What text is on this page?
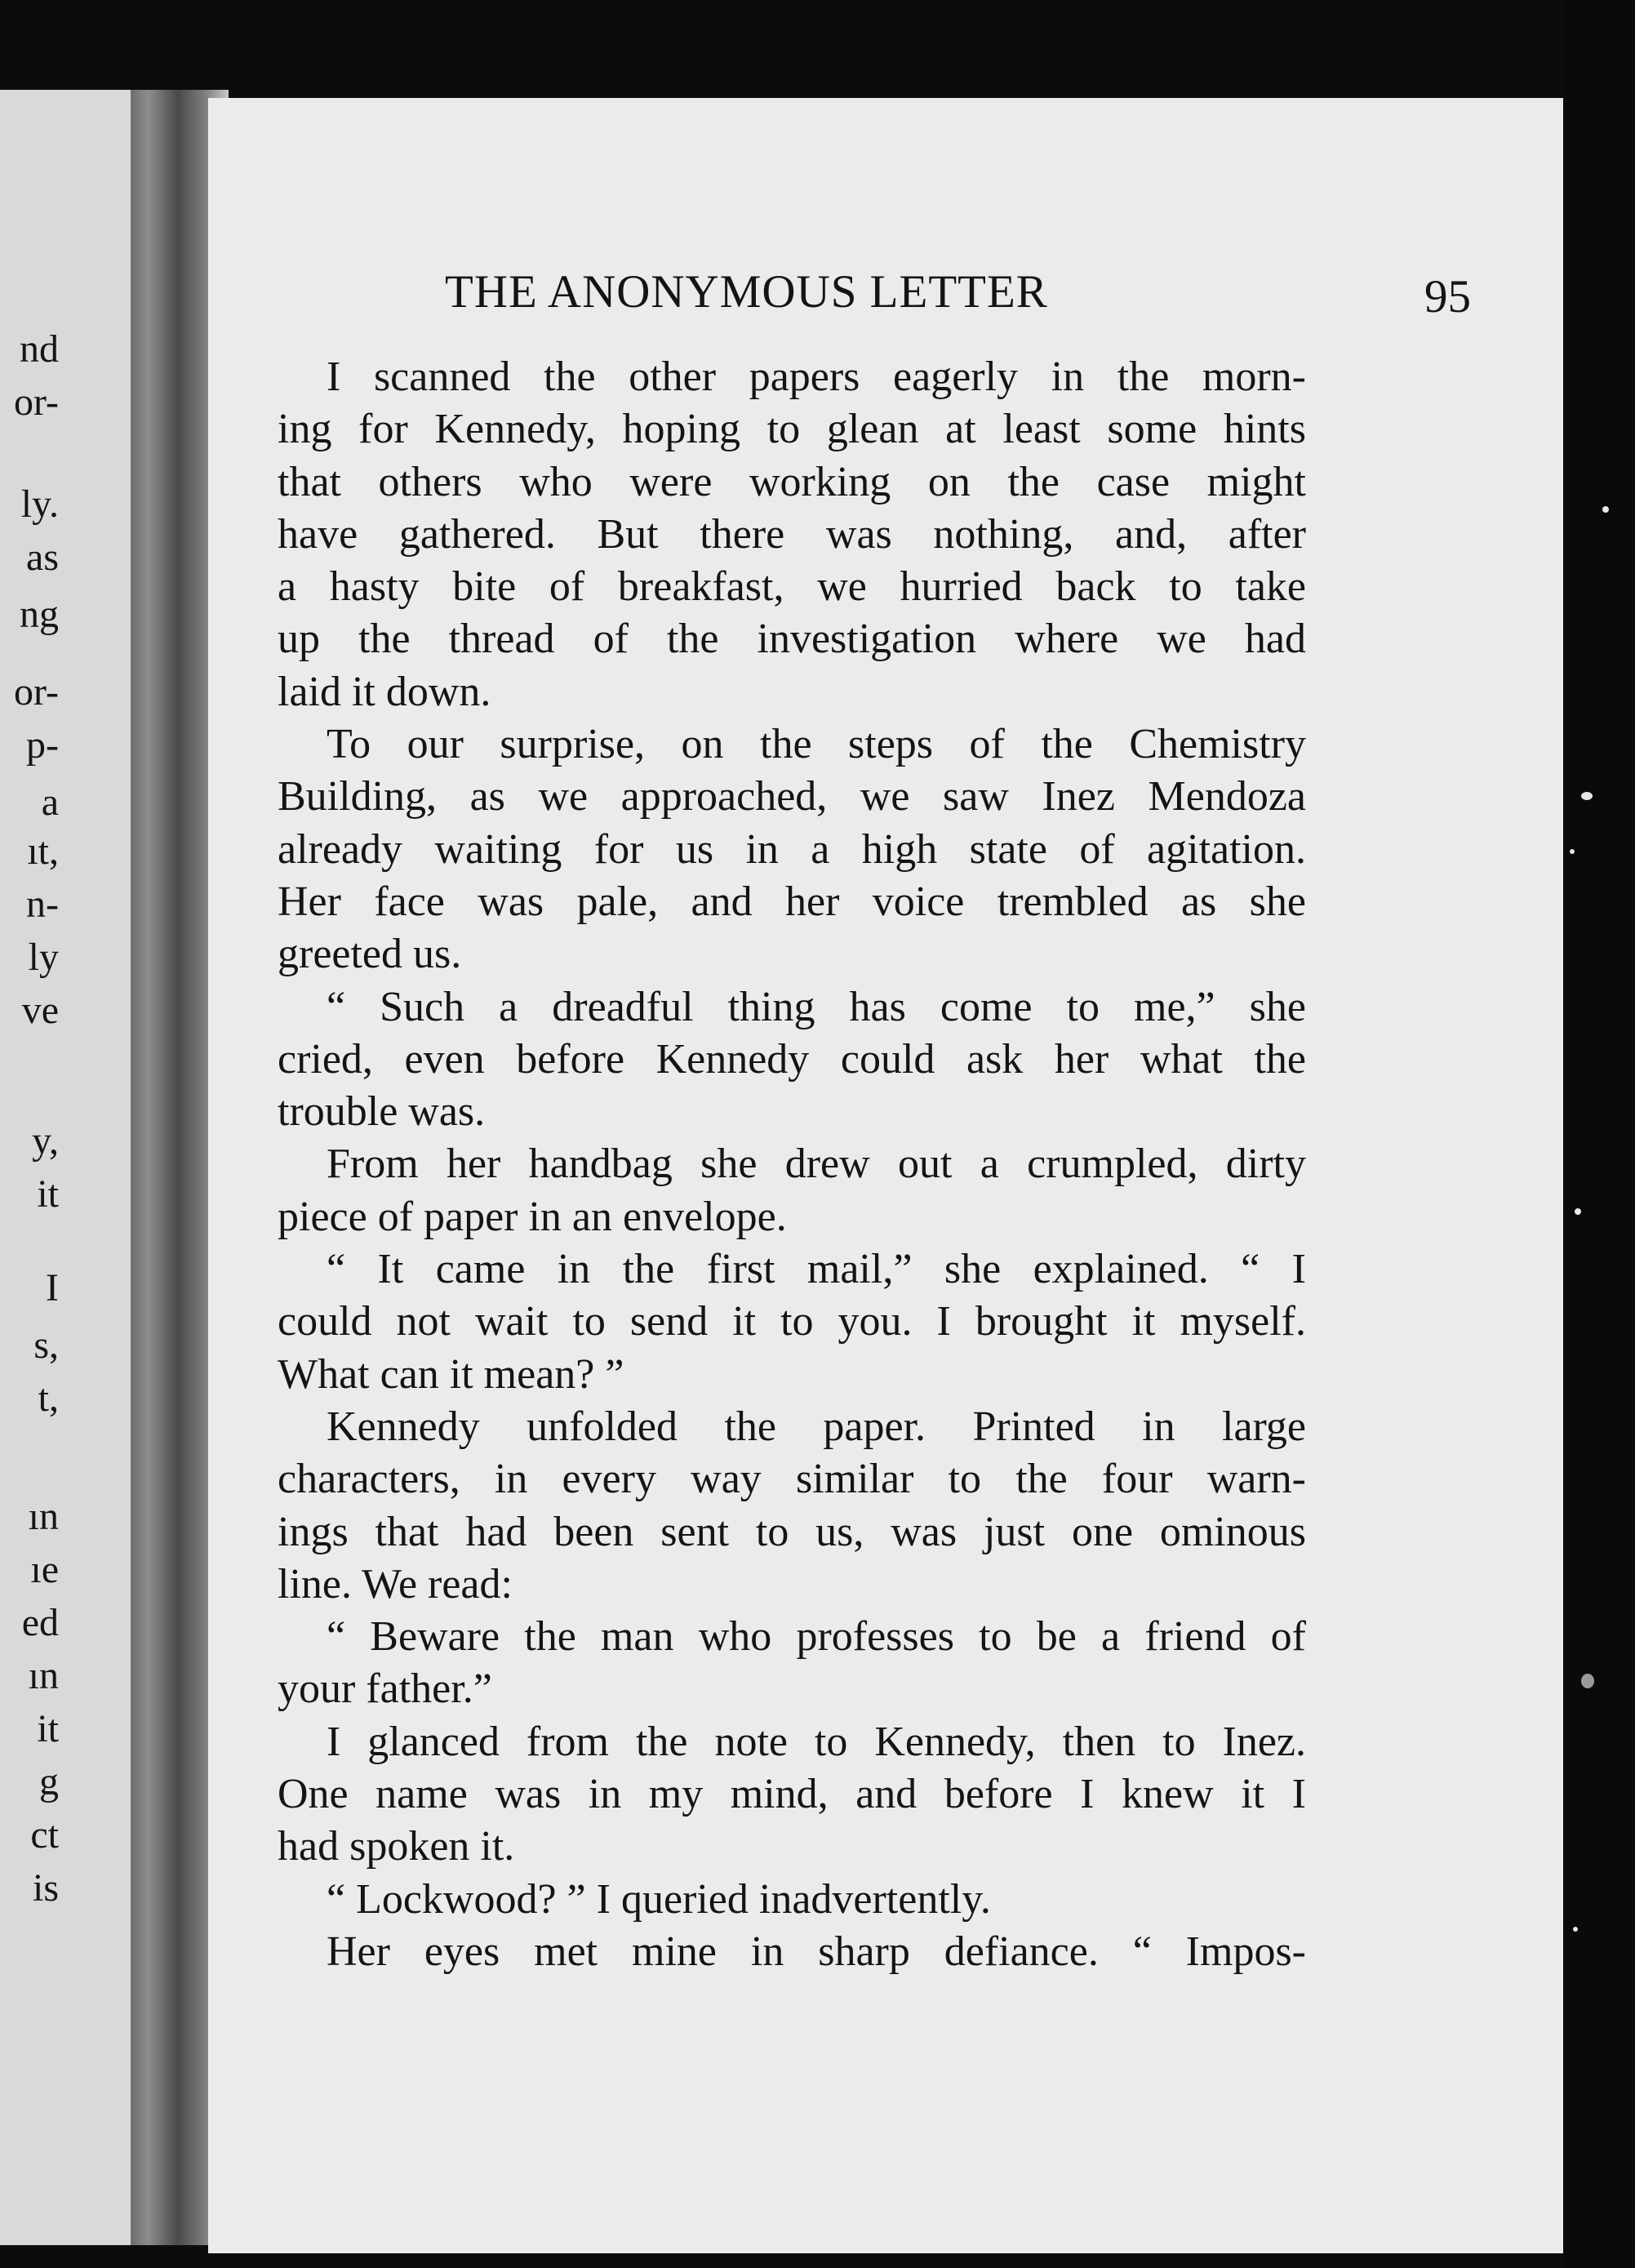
nd
or-
ly.
as
ng
or-
p-
a
ıt,
n-
ly
ve
y,
it
I
s,
t,
ın
ıe
ed
ın
it
g
ct
is
THE ANONYMOUS LETTER	95
I scanned the other papers eagerly in the morn-
ing for Kennedy, hoping to glean at least some hints
that others who were working on the case might
have gathered. But there was nothing, and, after
a hasty bite of breakfast, we hurried back to take
up the thread of the investigation where we had
laid it down.
To our surprise, on the steps of the Chemistry
Building, as we approached, we saw Inez Mendoza
already waiting for us in a high state of agitation.
Her face was pale, and her voice trembled as she
greeted us.
“ Such a dreadful thing has come to me,” she
cried, even before Kennedy could ask her what the
trouble was.
From her handbag she drew out a crumpled, dirty
piece of paper in an envelope.
“ It came in the first mail,” she explained. “ I
could not wait to send it to you. I brought it myself.
What can it mean? ”
Kennedy unfolded the paper. Printed in large
characters, in every way similar to the four warn-
ings that had been sent to us, was just one ominous
line. We read:
“ Beware the man who professes to be a friend of
your father.”
I glanced from the note to Kennedy, then to Inez.
One name was in my mind, and before I knew it I
had spoken it.
“ Lockwood? ” I queried inadvertently.
Her eyes met mine in sharp defiance. “ Impos-
